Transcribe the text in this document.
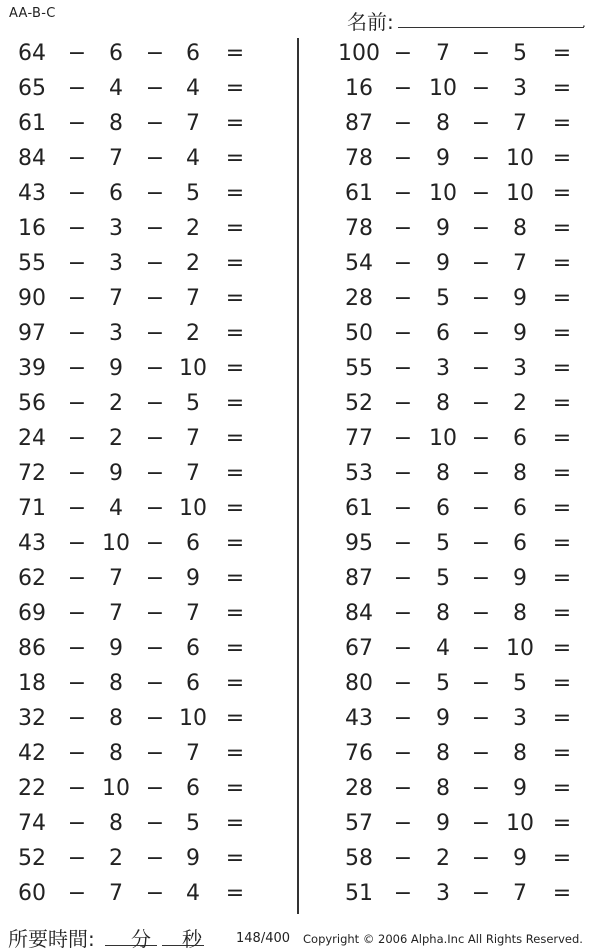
AA-B-C	名前:	.
64 −	6	− 6	=
65 −	4	− 4	=
61 −	8	− 7	=
84 −	7	− 4	=
43 −	6	− 5	=
16 −	3	− 2	=
55 −	3	− 2	=
90 −	7	− 7	=
97 −	3	− 2	=
39 −	9	− 10 =
56 −	2	− 5	=
24 −	2	− 7	=
72 −	9	− 7	=
71 −	4	− 10 =
43 − 10 − 6	=
62 −	7	− 9	=
69 −	7	− 7	=
86 −	9	− 6	=
18 −	8	− 6	=
32 −	8	− 10 =
42 −	8	− 7	=
22 − 10 − 6	=
74 −	8	− 5	=
52 −	2	− 9	=
60 −	7	− 4	=
100 −	7 −	5	=
16 − 10 −	3	=
87 −	8 −	7	=
78 −	9 − 10 =
61 − 10 − 10 =
78 −	9 −	8	=
54 −	9 −	7	=
28 −	5 −	9	=
50 −	6 −	9	=
55 −	3 −	3	=
52 −	8 −	2	=
77 − 10 −	6	=
53 −	8 −	8	=
61 −	6 −	6	=
95 −	5 −	6	=
87 −	5 −	9	=
84 −	8 −	8	=
67 −	4 − 10 =
80 −	5 −	5	=
43 −	9 −	3	=
76 −	8 −	8	=
28 −	8 −	9	=
57 −	9 − 10 =
58 −	2 −	9	=
51 −	3 −	7	=
所要時間: 分 秒	148/400 Copyright © 2006 Alpha.Inc All Rights Reserved.
